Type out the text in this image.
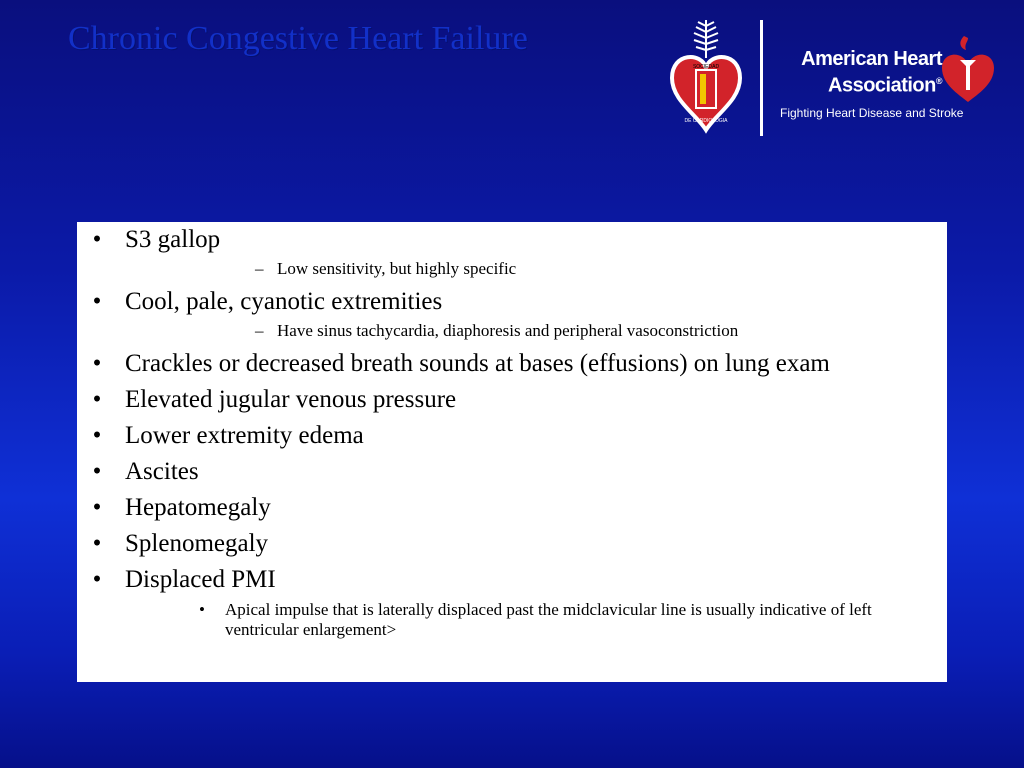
Chronic Congestive Heart Failure
SOCIEDAD
DE CARDIOLOGIA
American Heart
Association®
Fighting Heart Disease and Stroke
• S3 gallop
– Low sensitivity, but highly specific
• Cool, pale, cyanotic extremities
– Have sinus tachycardia, diaphoresis and peripheral vasoconstriction
• Crackles or decreased breath sounds at bases (effusions) on lung exam
• Elevated jugular venous pressure
• Lower extremity edema
• Ascites
• Hepatomegaly
• Splenomegaly
• Displaced PMI
• Apical impulse that is laterally displaced past the midclavicular line is usually indicative of left ventricular enlargement>
